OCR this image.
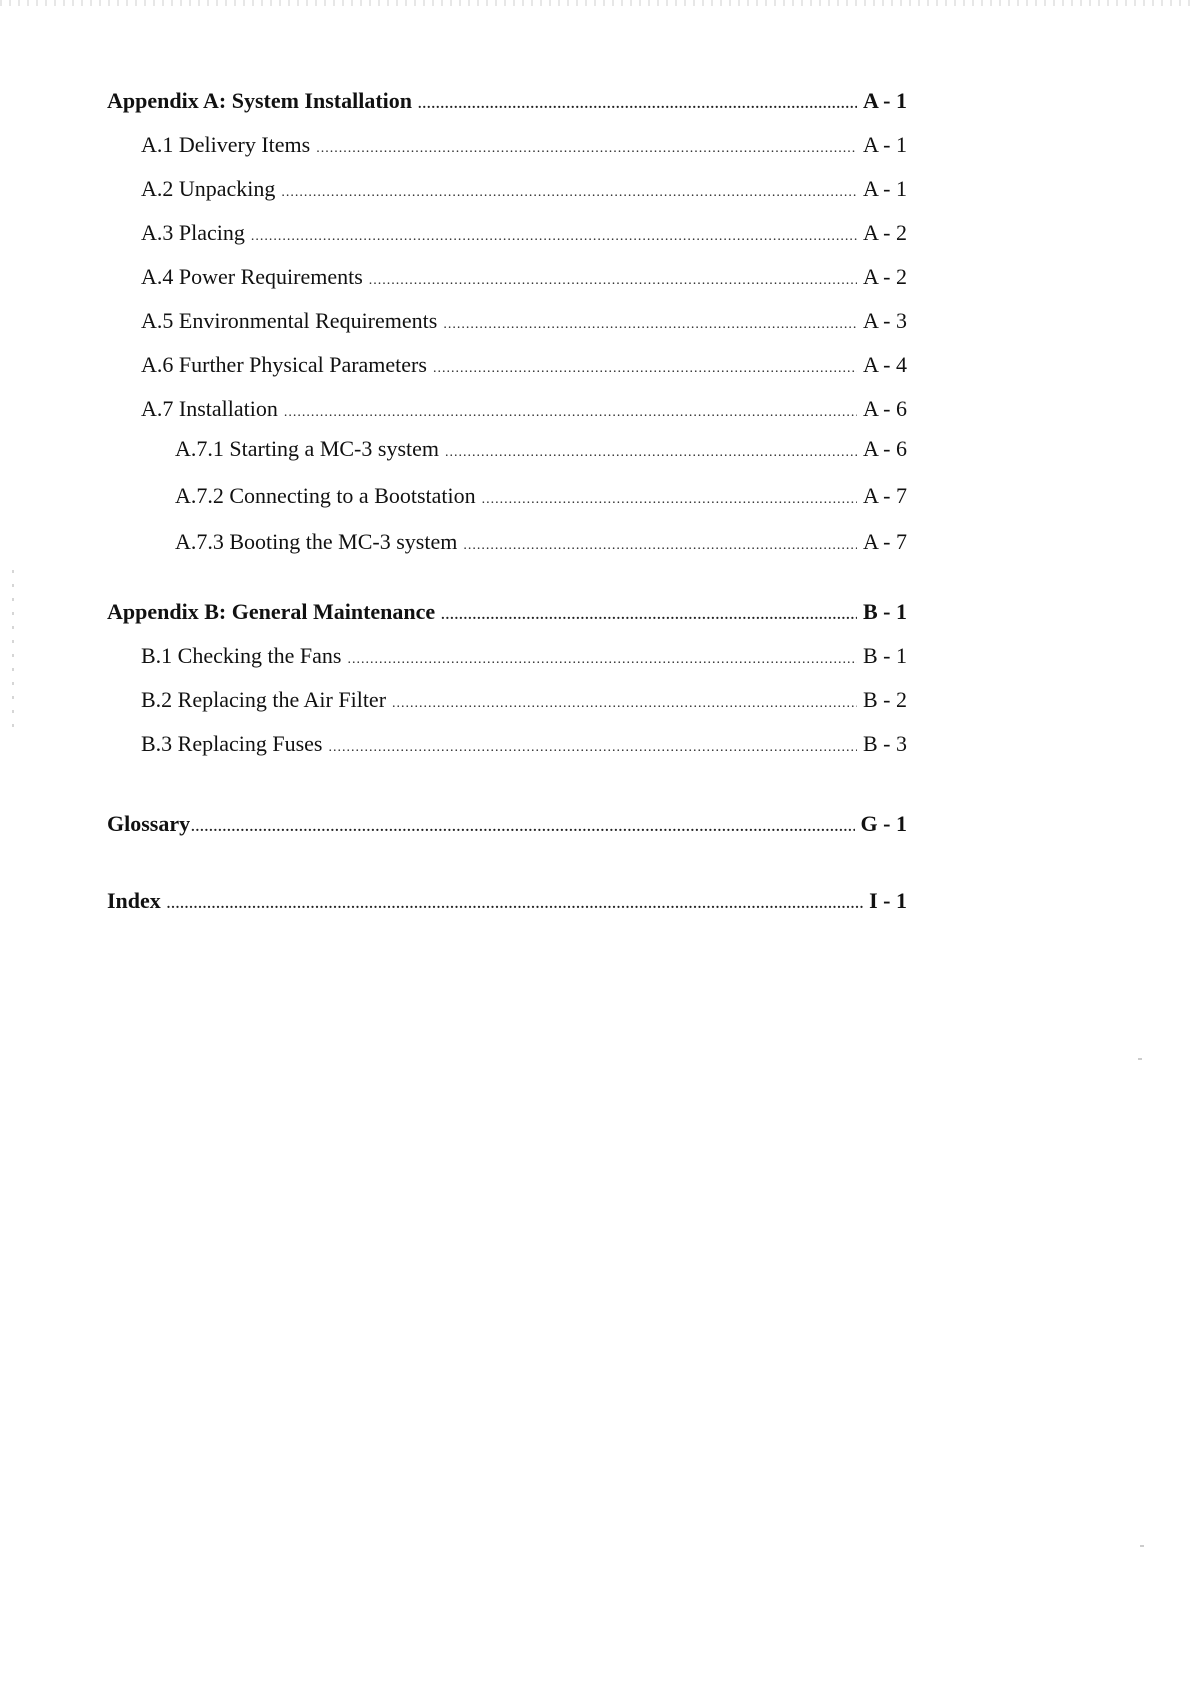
Appendix A: System Installation .....	A - 1
A.1 Delivery Items .....	A - 1
A.2 Unpacking .....	A - 1
A.3 Placing .....	A - 2
A.4 Power Requirements .....	A - 2
A.5 Environmental Requirements .....	A - 3
A.6 Further Physical Parameters .....	A - 4
A.7 Installation .....	A - 6
A.7.1 Starting a MC-3 system .....	A - 6
A.7.2 Connecting to a Bootstation .....	A - 7
A.7.3 Booting the MC-3 system .....	A - 7
Appendix B: General Maintenance .....	B - 1
B.1 Checking the Fans .....	B - 1
B.2 Replacing the Air Filter .....	B - 2
B.3 Replacing Fuses .....	B - 3
Glossary .....	G - 1
Index .....	I - 1
